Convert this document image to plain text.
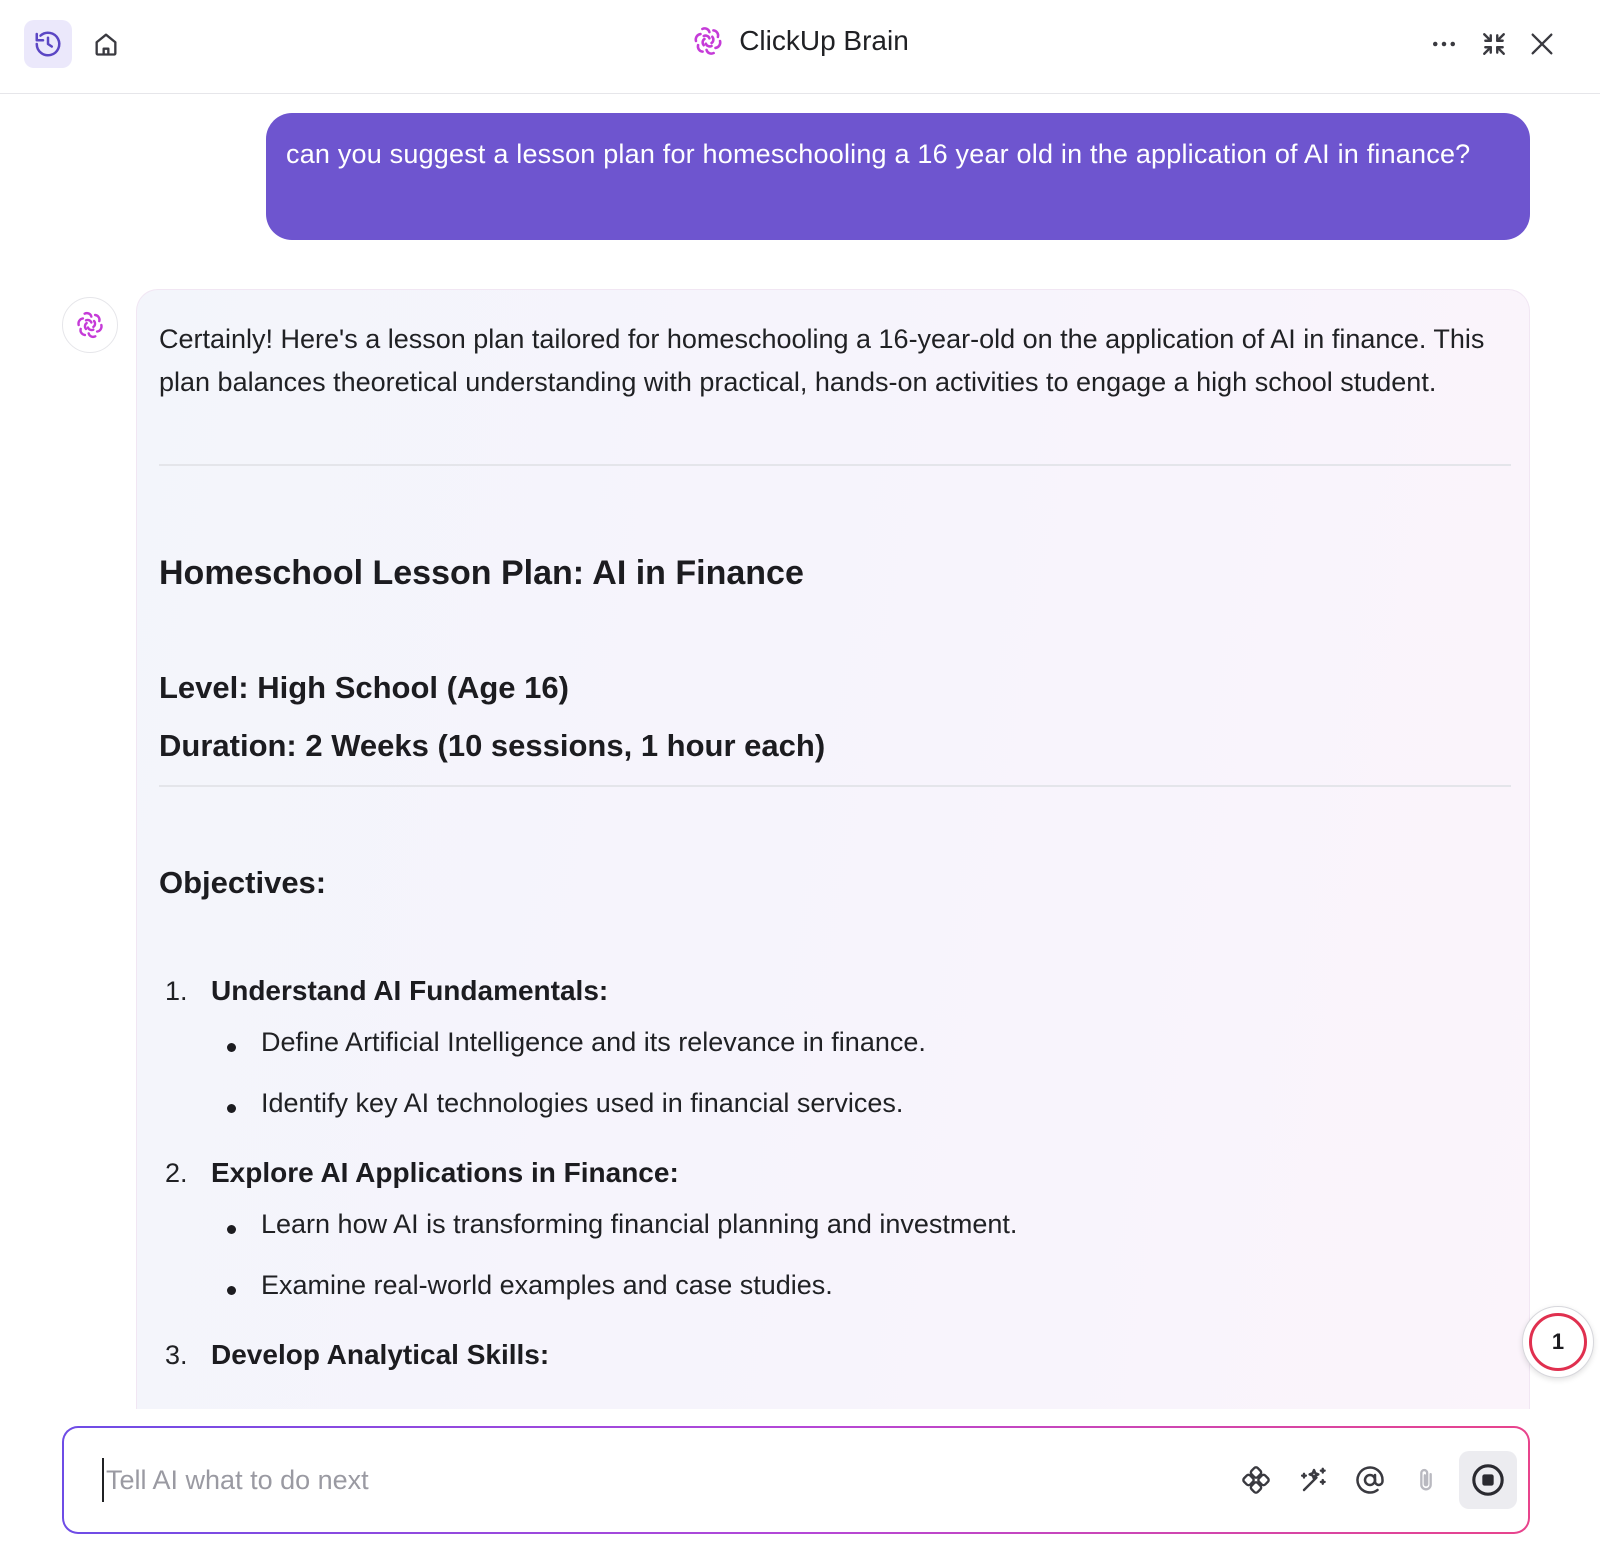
ClickUp Brain
can you suggest a lesson plan for homeschooling a 16 year old in the application of AI in finance?
Certainly! Here's a lesson plan tailored for homeschooling a 16-year-old on the application of AI in finance. This plan balances theoretical understanding with practical, hands-on activities to engage a high school student.
Homeschool Lesson Plan: AI in Finance
Level: High School (Age 16)
Duration: 2 Weeks (10 sessions, 1 hour each)
Objectives:
1. Understand AI Fundamentals:
Define Artificial Intelligence and its relevance in finance.
Identify key AI technologies used in financial services.
2. Explore AI Applications in Finance:
Learn how AI is transforming financial planning and investment.
Examine real-world examples and case studies.
3. Develop Analytical Skills:	1
Tell AI what to do next
